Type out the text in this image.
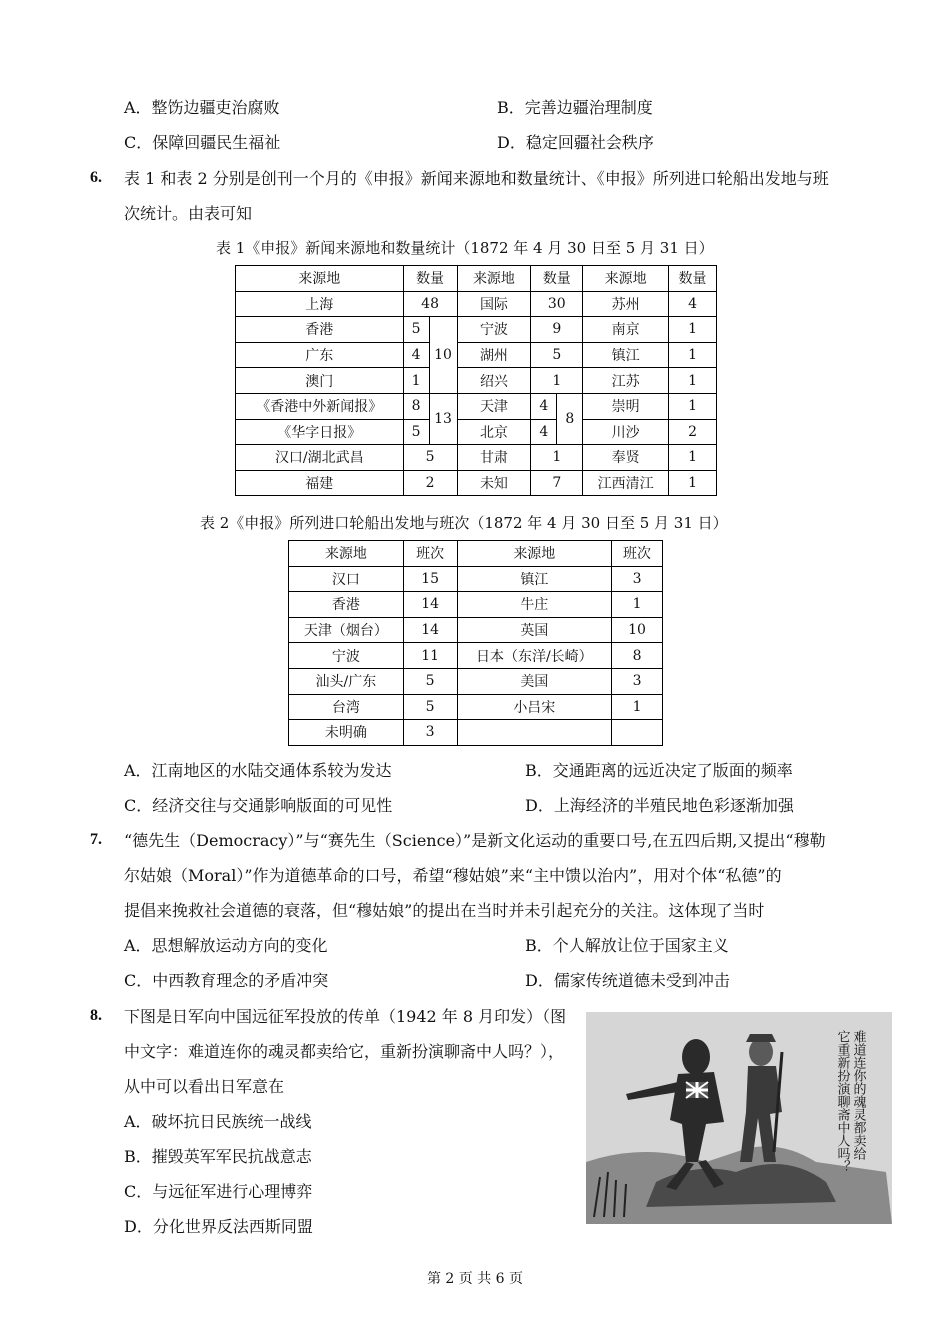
A．整饬边疆吏治腐败	B．完善边疆治理制度
C．保障回疆民生福祉	D．稳定回疆社会秩序
6. 表 1 和表 2 分别是创刊一个月的《申报》新闻来源地和数量统计、《申报》所列进口轮船出发地与班
次统计。由表可知
表 1《申报》新闻来源地和数量统计（1872 年 4 月 30 日至 5 月 31 日）
来源地	数量		来源地	数量		来源地	数量
上海	48		国际	30		苏州	4
香港	5	10	宁波	9		南京	1
广东	4		湖州	5		镇江	1
澳门	1		绍兴	1		江苏	1
《香港中外新闻报》	8	13	天津	4	8	崇明	1
《华字日报》	5		北京	4		川沙	2
汉口/湖北武昌	5		甘肃	1		奉贤	1
福建	2		未知	7		江西清江	1
表 2《申报》所列进口轮船出发地与班次（1872 年 4 月 30 日至 5 月 31 日）
来源地	班次	来源地	班次
汉口	15	镇江	3
香港	14	牛庄	1
天津（烟台）	14	英国	10
宁波	11	日本（东洋/长崎）	8
汕头/广东	5	美国	3
台湾	5	小吕宋	1
未明确	3		
A．江南地区的水陆交通体系较为发达	B．交通距离的远近决定了版面的频率
C．经济交往与交通影响版面的可见性	D．上海经济的半殖民地色彩逐渐加强
7. “德先生（Democracy）”与“赛先生（Science）”是新文化运动的重要口号,在五四后期,又提出“穆勒
尔姑娘（Moral）”作为道德革命的口号，希望“穆姑娘”来“主中馈以治内”，用对个体“私德”的
提倡来挽救社会道德的衰落，但“穆姑娘”的提出在当时并未引起充分的关注。这体现了当时
A．思想解放运动方向的变化	B．个人解放让位于国家主义
C．中西教育理念的矛盾冲突	D．儒家传统道德未受到冲击
8. 下图是日军向中国远征军投放的传单（1942 年 8 月印发）（图
中文字：难道连你的魂灵都卖给它，重新扮演聊斋中人吗？），
从中可以看出日军意在
A．破坏抗日民族统一战线
B．摧毁英军军民抗战意志
C．与远征军进行心理博弈
D．分化世界反法西斯同盟
难道连你的魂灵都卖给
它重新扮演聊斋中人吗？
第 2 页 共 6 页
